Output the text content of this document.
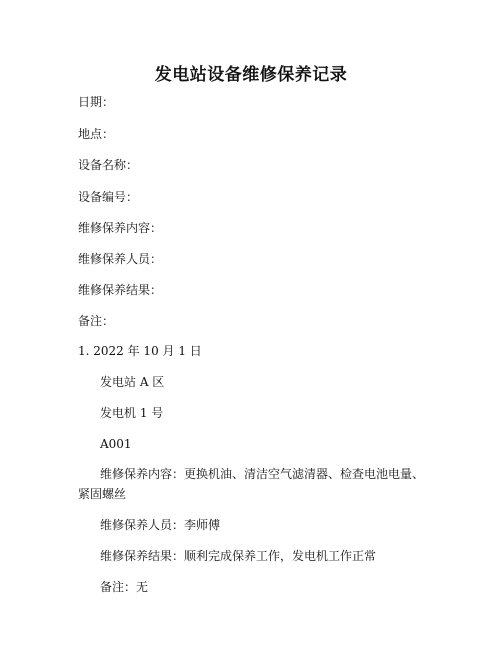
发电站设备维修保养记录
日期：
地点：
设备名称：
设备编号：
维修保养内容：
维修保养人员：
维修保养结果：
备注：
1. 2022 年 10 月 1 日
发电站 A 区
发电机 1 号
A001
维修保养内容：更换机油、清洁空气滤清器、检查电池电量、紧固螺丝
维修保养人员：李师傅
维修保养结果：顺利完成保养工作，发电机工作正常
备注：无
